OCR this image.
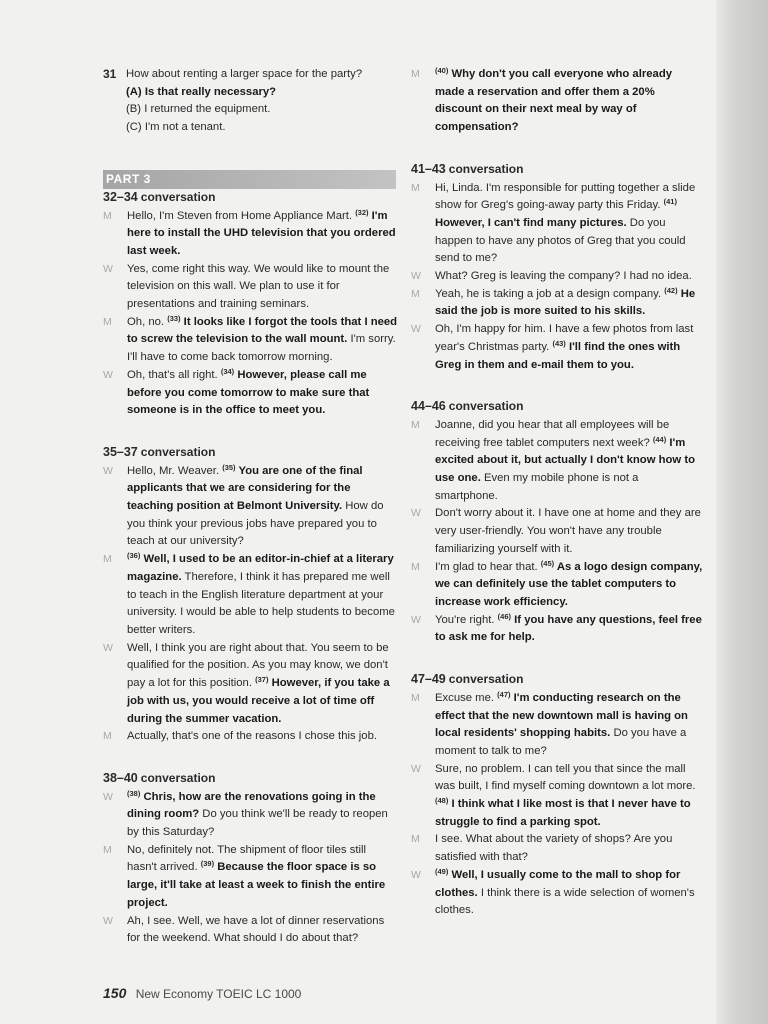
31 How about renting a larger space for the party?
(A) Is that really necessary?
(B) I returned the equipment.
(C) I'm not a tenant.
PART 3
32–34 conversation

M Hello, I'm Steven from Home Appliance Mart. $^{(32)}$ I'm here to install the UHD television that you ordered last week.

W Yes, come right this way. We would like to mount the television on this wall. We plan to use it for presentations and training seminars.

M Oh, no. $^{(33)}$ It looks like I forgot the tools that I need to screw the television to the wall mount. I'm sorry. I'll have to come back tomorrow morning.

W Oh, that's all right. $^{(34)}$ However, please call me before you come tomorrow to make sure that someone is in the office to meet you.

35–37 conversation

W Hello, Mr. Weaver. $^{(35)}$ You are one of the final applicants that we are considering for the teaching position at Belmont University. How do you think your previous jobs have prepared you to teach at our university?

M $^{(36)}$ Well, I used to be an editor-in-chief at a literary magazine. Therefore, I think it has prepared me well to teach in the English literature department at your university. I would be able to help students to become better writers.

W Well, I think you are right about that. You seem to be qualified for the position. As you may know, we don't pay a lot for this position. $^{(37)}$ However, if you take a job with us, you would receive a lot of time off during the summer vacation.

M Actually, that's one of the reasons I chose this job.

38–40 conversation

W $^{(38)}$ Chris, how are the renovations going in the dining room? Do you think we'll be ready to reopen by this Saturday?

M No, definitely not. The shipment of floor tiles still hasn't arrived. $^{(39)}$ Because the floor space is so large, it'll take at least a week to finish the entire project.

W Ah, I see. Well, we have a lot of dinner reservations for the weekend. What should I do about that?

M $^{(40)}$ Why don't you call everyone who already made a reservation and offer them a 20% discount on their next meal by way of compensation?

41–43 conversation

M Hi, Linda. I'm responsible for putting together a slide show for Greg's going-away party this Friday. $^{(41)}$ However, I can't find many pictures. Do you happen to have any photos of Greg that you could send to me?

W What? Greg is leaving the company? I had no idea.

M Yeah, he is taking a job at a design company. $^{(42)}$ He said the job is more suited to his skills.

W Oh, I'm happy for him. I have a few photos from last year's Christmas party. $^{(43)}$ I'll find the ones with Greg in them and e-mail them to you.

44–46 conversation

M Joanne, did you hear that all employees will be receiving free tablet computers next week? $^{(44)}$ I'm excited about it, but actually I don't know how to use one. Even my mobile phone is not a smartphone.

W Don't worry about it. I have one at home and they are very user-friendly. You won't have any trouble familiarizing yourself with it.

M I'm glad to hear that. $^{(45)}$ As a logo design company, we can definitely use the tablet computers to increase work efficiency.

W You're right. $^{(46)}$ If you have any questions, feel free to ask me for help.

47–49 conversation

M Excuse me. $^{(47)}$ I'm conducting research on the effect that the new downtown mall is having on local residents' shopping habits. Do you have a moment to talk to me?

W Sure, no problem. I can tell you that since the mall was built, I find myself coming downtown a lot more. $^{(48)}$ I think what I like most is that I never have to struggle to find a parking spot.

M I see. What about the variety of shops? Are you satisfied with that?

W $^{(49)}$ Well, I usually come to the mall to shop for clothes. I think there is a wide selection of women's clothes.

150 New Economy TOEIC LC 1000
